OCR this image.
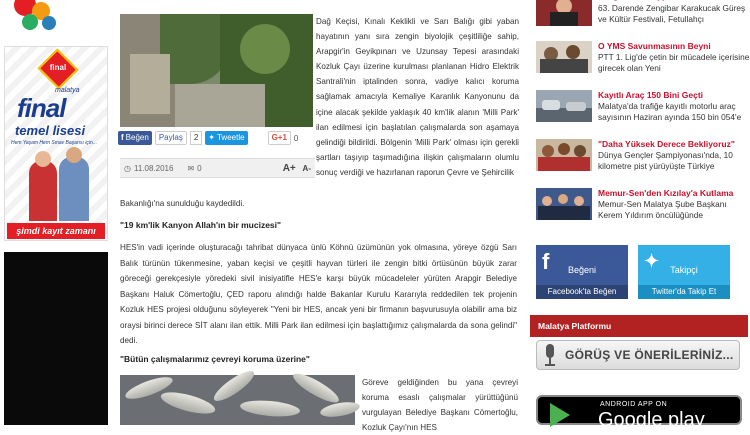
final
malatya
final
temel lisesi
Hem Yaşam Hem Sınav Başarısı için...
şimdi kayıt zamanı
f Beğen	Paylaş	2	✦ Tweetle	G+1 0
◷ 11.08.2016 ✉ 0	A+ A-

Dağ Keçisi, Kınalı Keklikli ve Sarı Balığı gibi yaban hayatının yanı sıra zengin biyolojik çeşitliliğe sahip, Arapgir'in Geyikpınarı ve Uzunsay Tepesi arasındaki Kozluk Çayı üzerine kurulması planlanan Hidro Elektrik Santrali'nin iptalinden sonra, vadiye kalıcı koruma sağlamak amacıyla Kemaliye Karanlık Kanyonunu da içine alacak şekilde yaklaşık 40 km'lik alanın 'Milli Park' ilan edilmesi için başlatılan çalışmalarda son aşamaya gelindiği bildirildi. Bölgenin 'Milli Park' olması için gerekli şartları taşıyıp taşımadığına ilişkin çalışmaların olumlu sonuç verdiği ve hazırlanan raporun Çevre ve Şehircilik

Bakanlığı'na sunulduğu kaydedildi.

"19 km'lik Kanyon Allah'ın bir mucizesi"

HES'in vadi içerinde oluşturacağı tahribat dünyaca ünlü Köhnü üzümünün yok olmasına, yöreye özgü Sarı Balık türünün tükenmesine, yaban keçisi ve çeşitli hayvan türleri ile zengin bitki örtüsünün büyük zarar göreceği gerekçesiyle yöredeki sivil inisiyatifle HES'e karşı büyük mücadeleler yürüten Arapgir Belediye Başkanı Haluk Cömertoğlu, ÇED raporu alındığı halde Bakanlar Kurulu Kararıyla reddedilen tek projenin Kozluk HES projesi olduğunu söyleyerek "Yeni bir HES, ancak yeni bir firmanın başvurusuyla olabilir ama biz oraysi birinci derece SİT alanı ilan ettik. Milli Park ilan edilmesi için başlattığımız çalışmalarda da sona gelindi" dedi.

"Bütün çalışmalarımız çevreyi koruma üzerine"

Göreve geldiğinden bu yana çevreyi koruma esaslı çalışmalar yürüttüğünü vurgulayan Belediye Başkanı Cömertoğlu, Kozluk Çayı'nın HES

63. Darende Zengibar Karakucak Güreş ve Kültür Festivali, Fetullahçı
O YMS Savunmasının Beyni
PTT 1. Lig'de çetin bir mücadele içerisine girecek olan Yeni
Kayıtlı Araç 150 Bini Geçti
Malatya'da trafiğe kayıtlı motorlu araç sayısının Haziran ayında 150 bin 054'e
"Daha Yüksek Derece Bekliyoruz"
Dünya Gençler Şampiyonası'nda, 10 kilometre pist yürüyüşte Türkiye
Memur-Sen'den Kızılay'a Kutlama
Memur-Sen Malatya Şube Başkanı Kerem Yıldırım öncülüğünde
f	Beğeni
Facebook'ta Beğen
✦	Takipçi
Twitter'da Takip Et
Malatya Platformu
GÖRÜŞ VE ÖNERİLERİNİZ...
ANDROID APP ON
Google play
